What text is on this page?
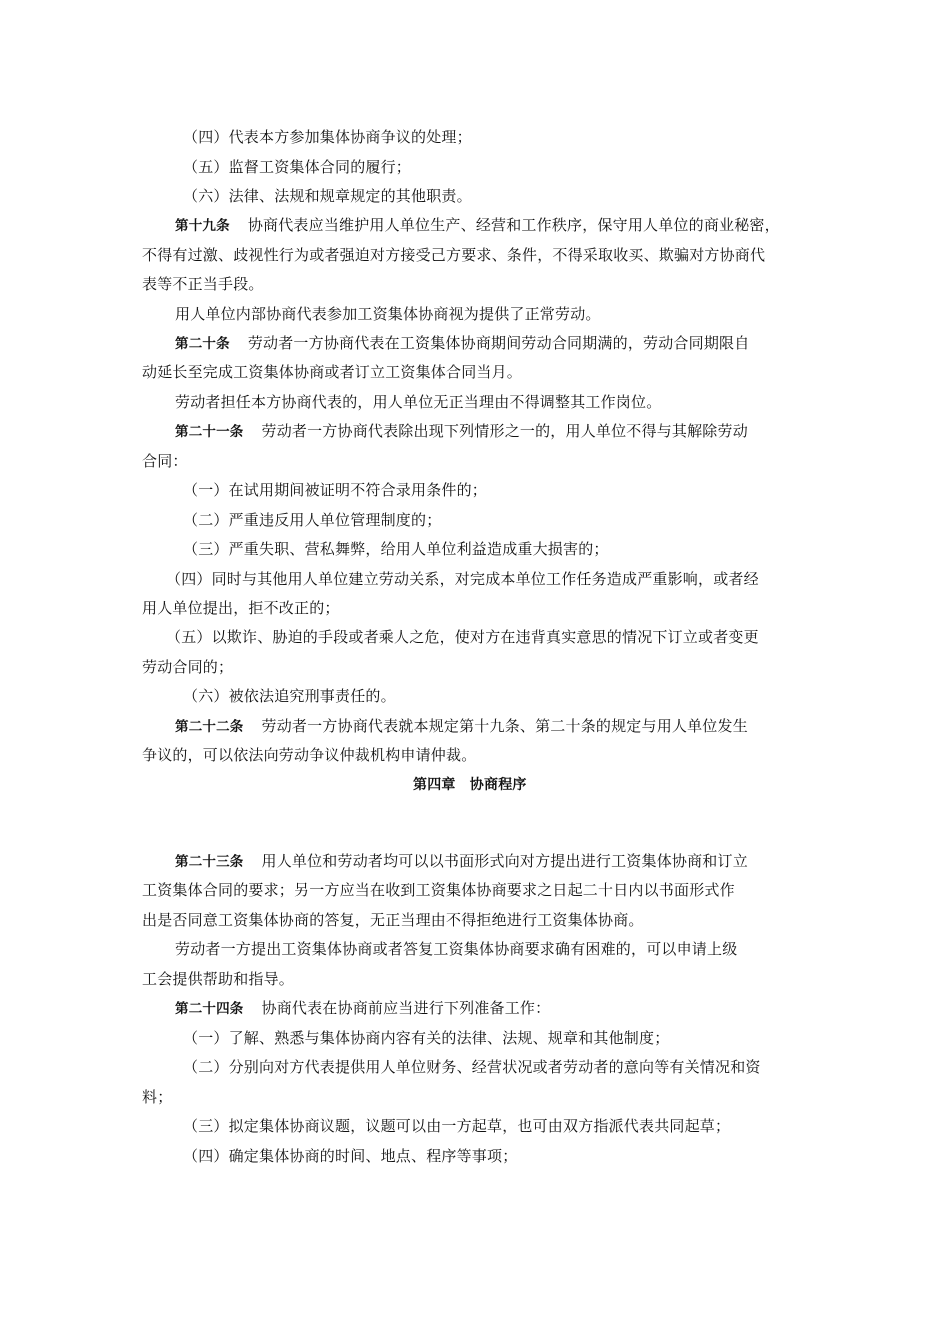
（四）代表本方参加集体协商争议的处理；
（五）监督工资集体合同的履行；
（六）法律、法规和规章规定的其他职责。
第十九条 协商代表应当维护用人单位生产、经营和工作秩序，保守用人单位的商业秘密，
不得有过激、歧视性行为或者强迫对方接受己方要求、条件，不得采取收买、欺骗对方协商代
表等不正当手段。
用人单位内部协商代表参加工资集体协商视为提供了正常劳动。
第二十条 劳动者一方协商代表在工资集体协商期间劳动合同期满的，劳动合同期限自
动延长至完成工资集体协商或者订立工资集体合同当月。
劳动者担任本方协商代表的，用人单位无正当理由不得调整其工作岗位。
第二十一条 劳动者一方协商代表除出现下列情形之一的，用人单位不得与其解除劳动
合同：
（一）在试用期间被证明不符合录用条件的；
（二）严重违反用人单位管理制度的；
（三）严重失职、营私舞弊，给用人单位利益造成重大损害的；
（四）同时与其他用人单位建立劳动关系，对完成本单位工作任务造成严重影响，或者经
用人单位提出，拒不改正的；
（五）以欺诈、胁迫的手段或者乘人之危，使对方在违背真实意思的情况下订立或者变更
劳动合同的；
（六）被依法追究刑事责任的。
第二十二条 劳动者一方协商代表就本规定第十九条、第二十条的规定与用人单位发生
争议的，可以依法向劳动争议仲裁机构申请仲裁。
第四章　协商程序
第二十三条 用人单位和劳动者均可以以书面形式向对方提出进行工资集体协商和订立
工资集体合同的要求；另一方应当在收到工资集体协商要求之日起二十日内以书面形式作
出是否同意工资集体协商的答复，无正当理由不得拒绝进行工资集体协商。
劳动者一方提出工资集体协商或者答复工资集体协商要求确有困难的，可以申请上级
工会提供帮助和指导。
第二十四条 协商代表在协商前应当进行下列准备工作：
（一）了解、熟悉与集体协商内容有关的法律、法规、规章和其他制度；
（二）分别向对方代表提供用人单位财务、经营状况或者劳动者的意向等有关情况和资
料；
（三）拟定集体协商议题，议题可以由一方起草，也可由双方指派代表共同起草；
（四）确定集体协商的时间、地点、程序等事项；
